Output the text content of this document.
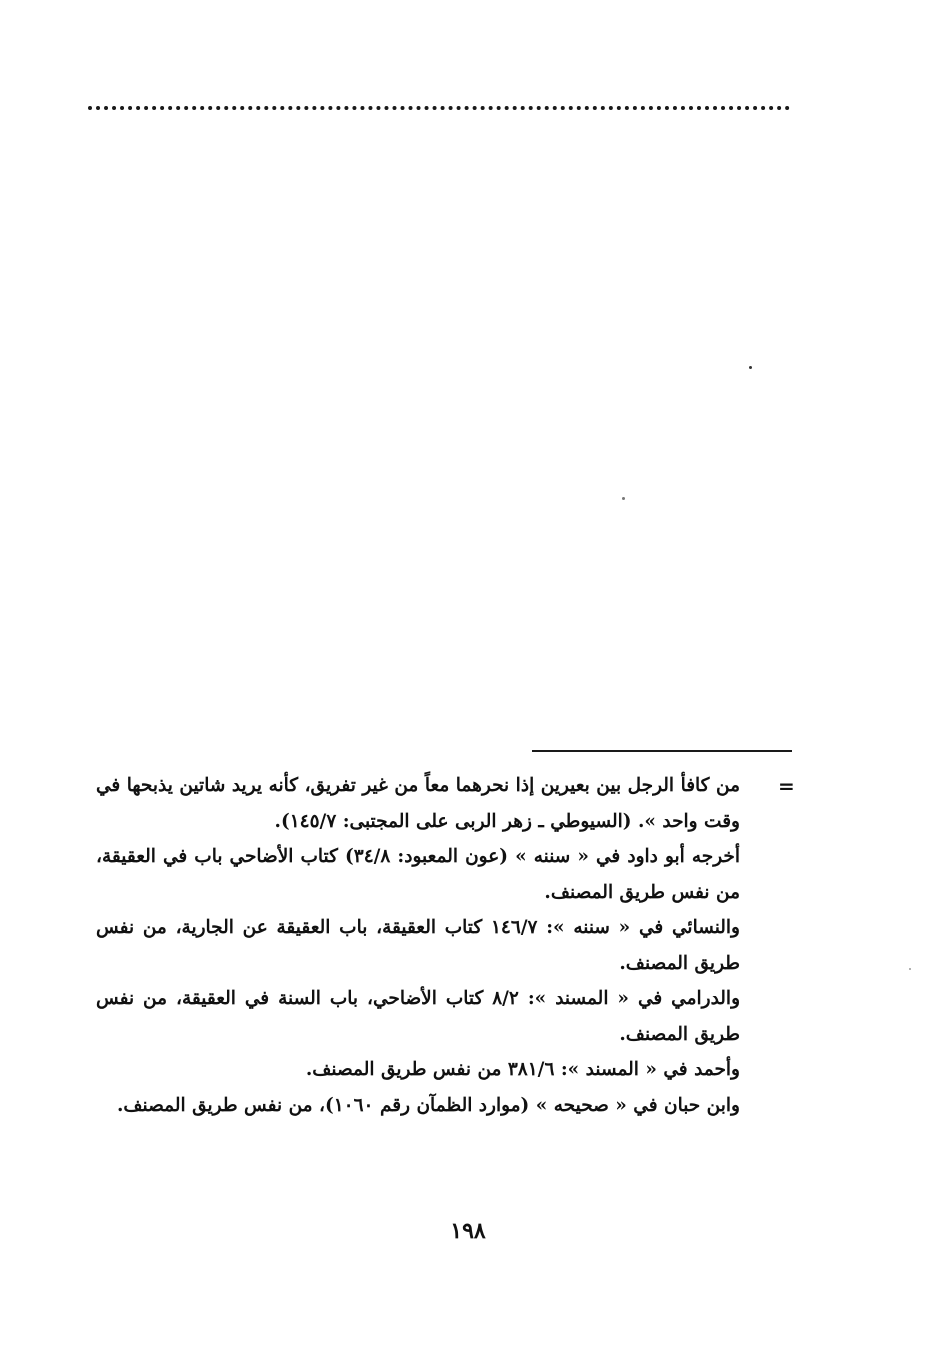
=

من كافأ الرجل بين بعيرين إذا نحرهما معاً من غير تفريق، كأنه يريد شاتين يذبحها في وقت واحد ». (السيوطي ـ زهر الربى على المجتبى: ١٤٥/٧).

أخرجه أبو داود في « سننه » (عون المعبود: ٣٤/٨) كتاب الأضاحي باب في العقيقة، من نفس طريق المصنف.

والنسائي في « سننه »: ١٤٦/٧ كتاب العقيقة، باب العقيقة عن الجارية، من نفس طريق المصنف.

والدرامي في « المسند »: ٨/٢ كتاب الأضاحي، باب السنة في العقيقة، من نفس طريق المصنف.

وأحمد في « المسند »: ٣٨١/٦ من نفس طريق المصنف.

وابن حبان في « صحيحه » (موارد الظمآن رقم ١٠٦٠)، من نفس طريق المصنف.

١٩٨
